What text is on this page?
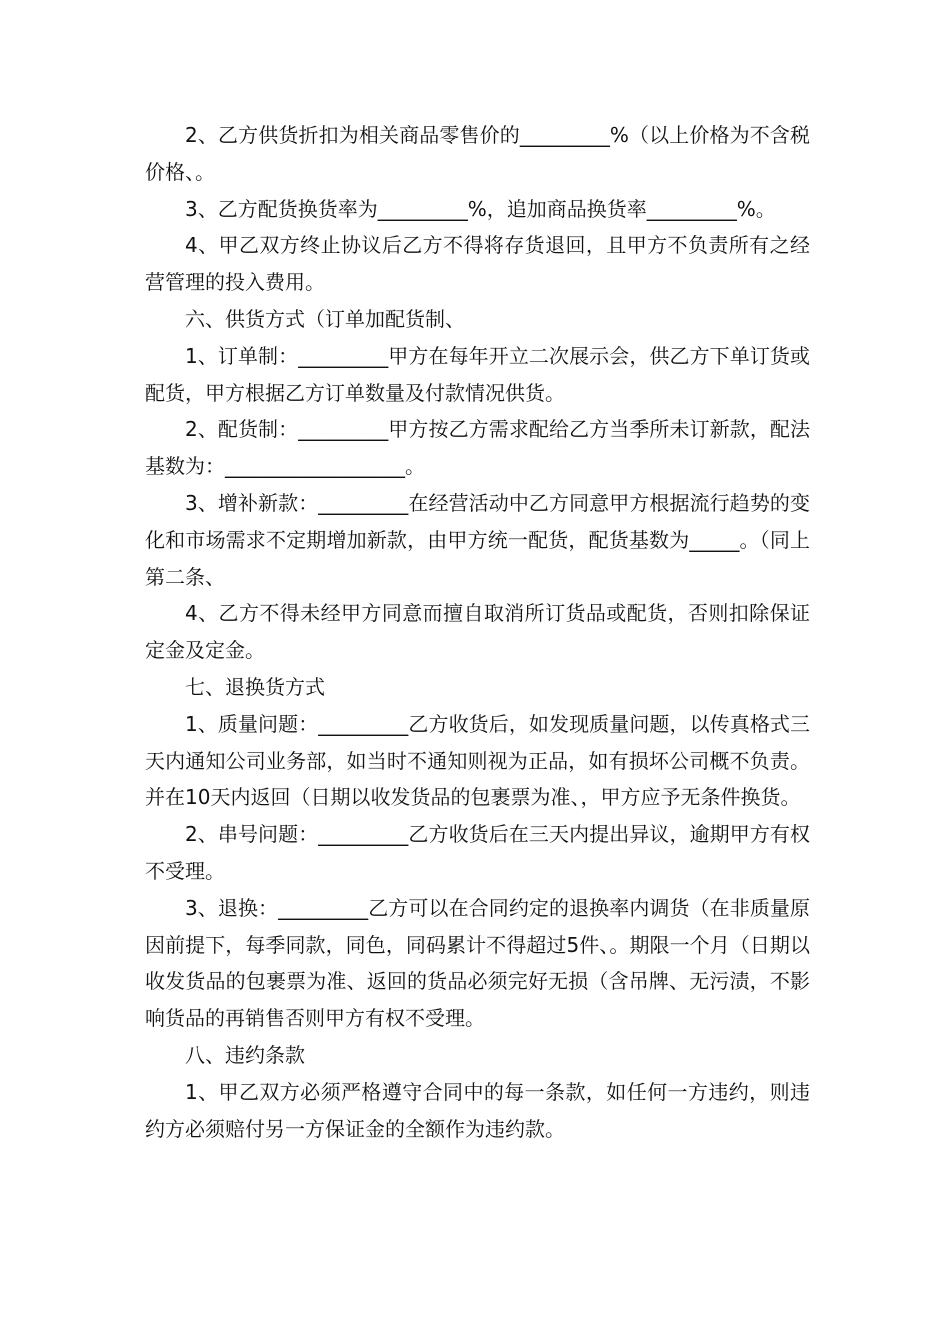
2、乙方供货折扣为相关商品零售价的_________%（以上价格为不含税价格、。

3、乙方配货换货率为_________%，追加商品换货率_________%。

4、甲乙双方终止协议后乙方不得将存货退回，且甲方不负责所有之经营管理的投入费用。

六、供货方式（订单加配货制、

1、订单制：_________甲方在每年开立二次展示会，供乙方下单订货或配货，甲方根据乙方订单数量及付款情况供货。

2、配货制：_________甲方按乙方需求配给乙方当季所未订新款，配法基数为：__________________。

3、增补新款：_________在经营活动中乙方同意甲方根据流行趋势的变化和市场需求不定期增加新款，由甲方统一配货，配货基数为_____。（同上第二条、

4、乙方不得未经甲方同意而擅自取消所订货品或配货，否则扣除保证定金及定金。

七、退换货方式

1、质量问题：_________乙方收货后，如发现质量问题，以传真格式三天内通知公司业务部，如当时不通知则视为正品，如有损坏公司概不负责。并在10天内返回（日期以收发货品的包裹票为准、，甲方应予无条件换货。

2、串号问题：_________乙方收货后在三天内提出异议，逾期甲方有权不受理。

3、退换：_________乙方可以在合同约定的退换率内调货（在非质量原因前提下，每季同款，同色，同码累计不得超过5件、。期限一个月（日期以收发货品的包裹票为准、返回的货品必须完好无损（含吊牌、无污渍，不影响货品的再销售否则甲方有权不受理。

八、违约条款

1、甲乙双方必须严格遵守合同中的每一条款，如任何一方违约，则违约方必须赔付另一方保证金的全额作为违约款。
